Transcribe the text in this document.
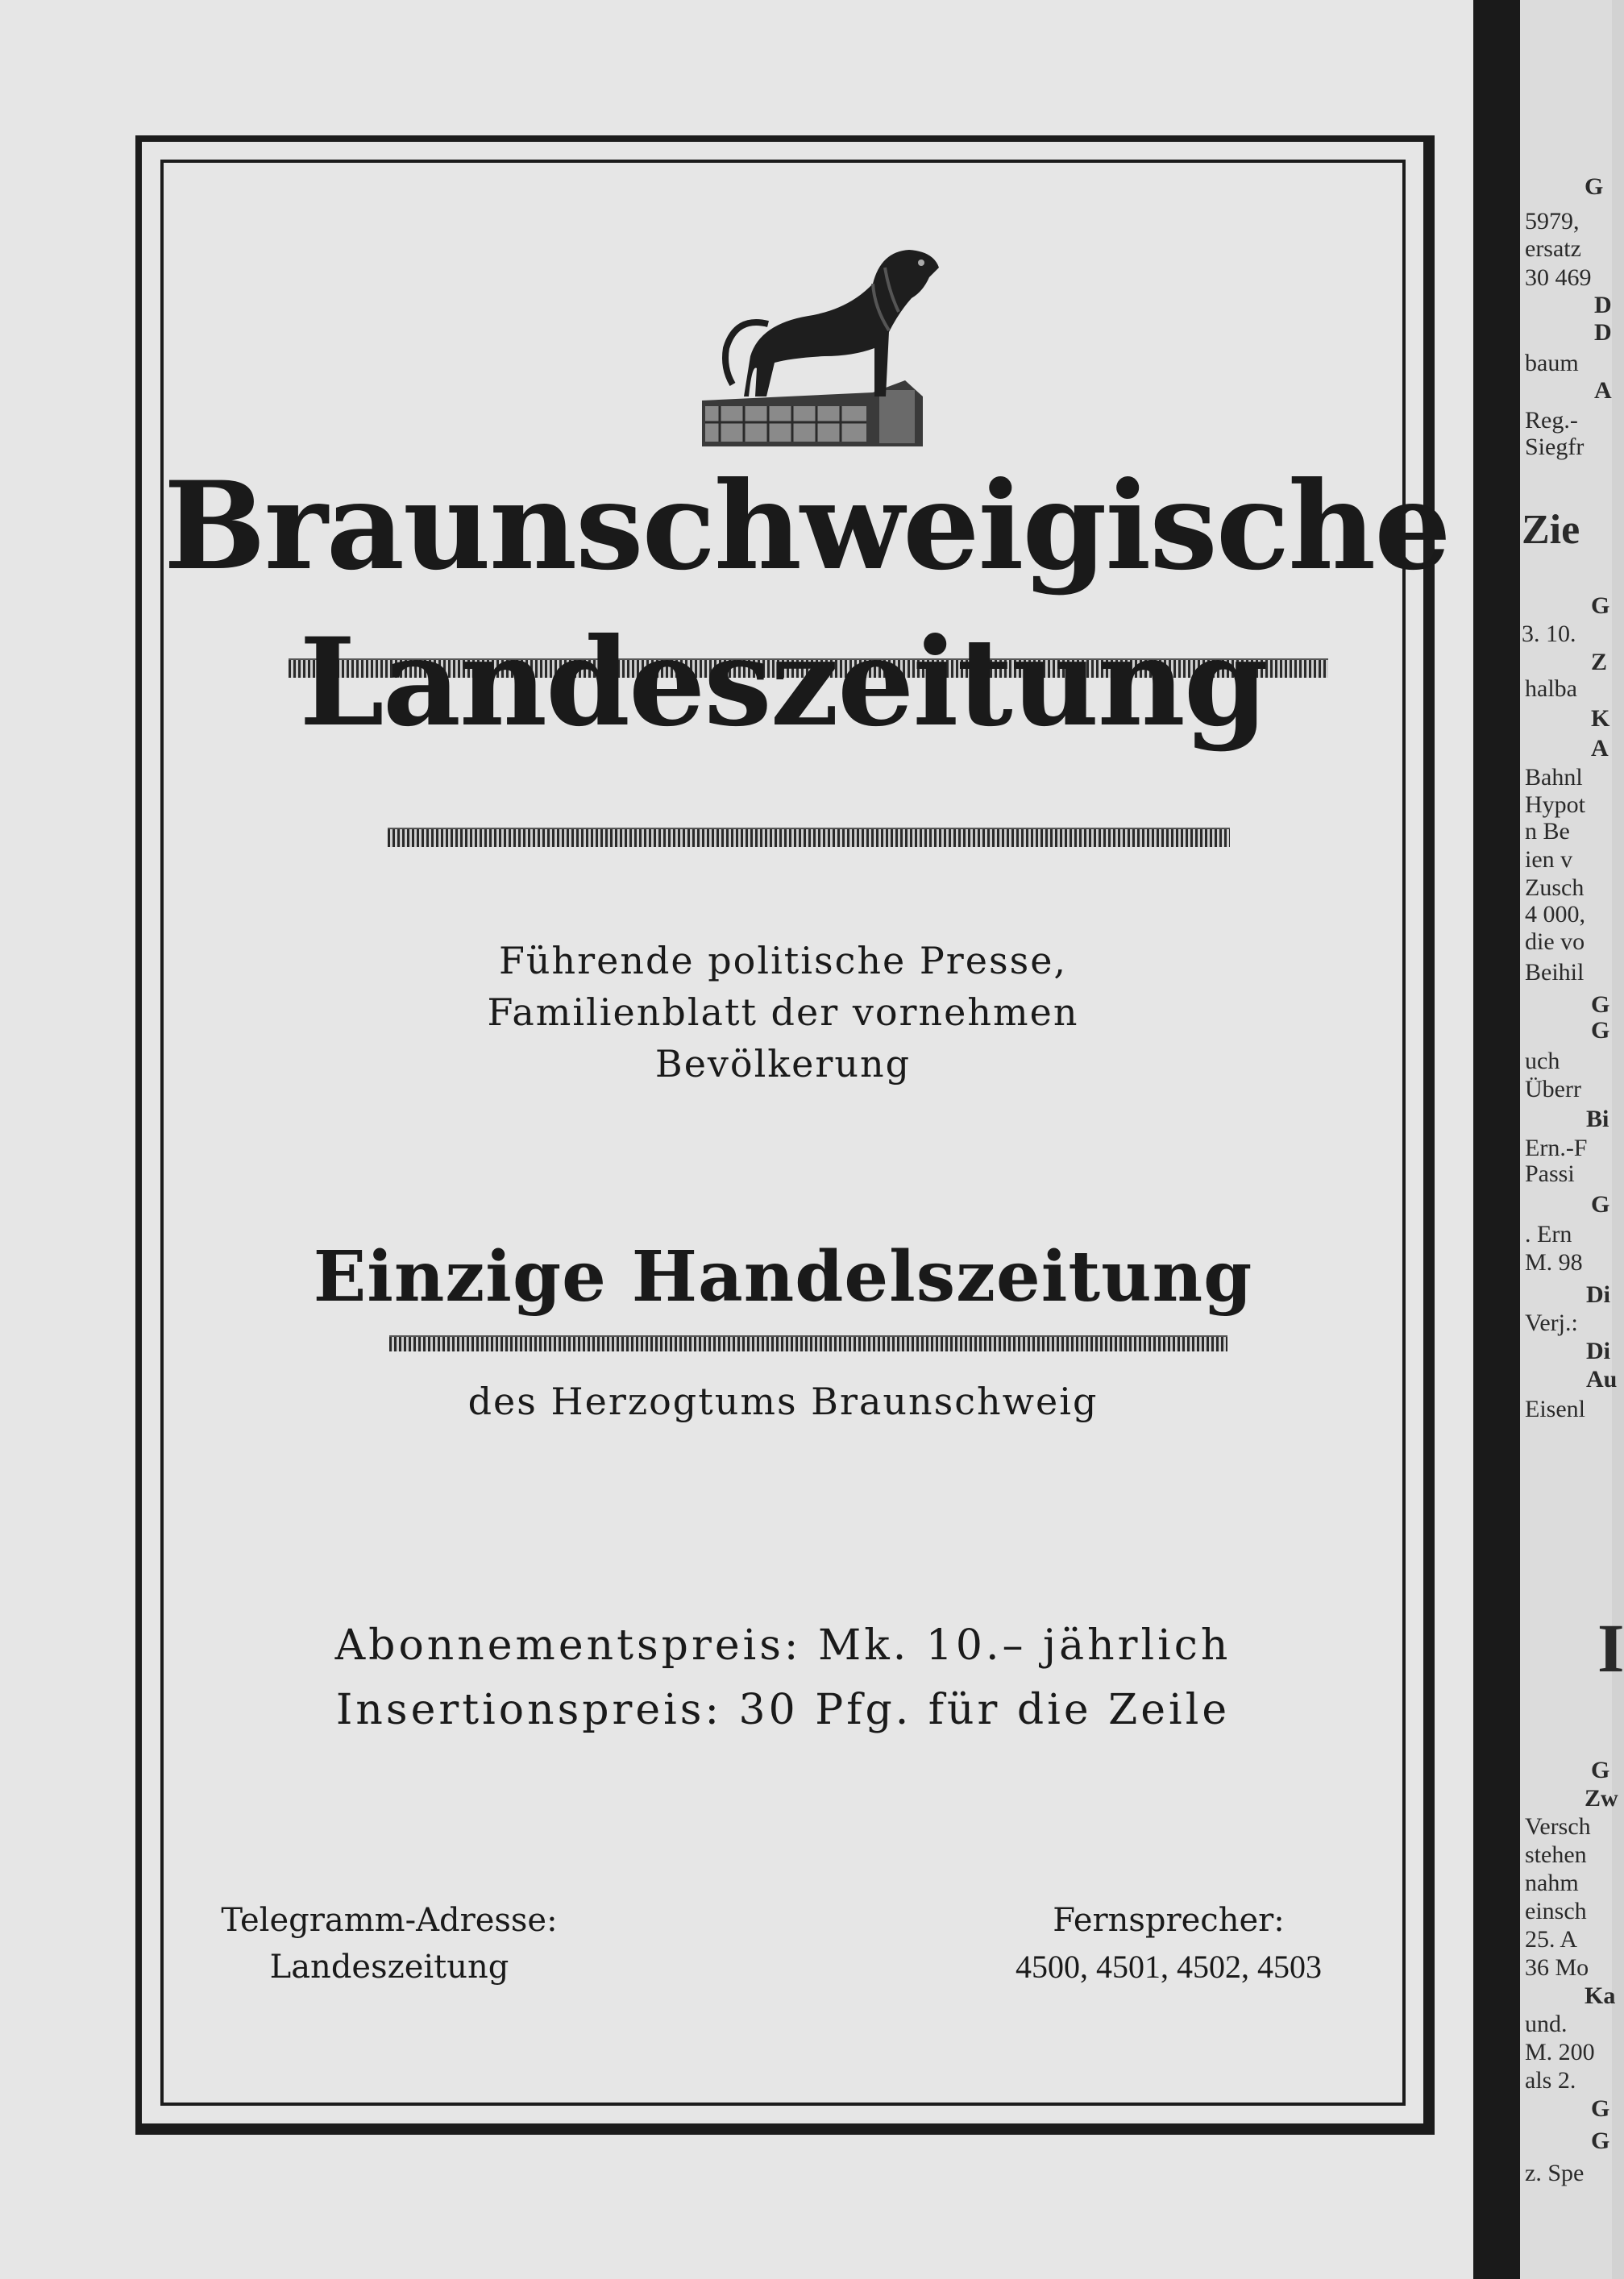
Braunschweigische
Landeszeitung
Führende politische Presse,
Familienblatt der vornehmen
Bevölkerung
Einzige Handelszeitung
des Herzogtums Braunschweig
Abonnementspreis: Mk. 10.– jährlich
Insertionspreis: 30 Pfg. für die Zeile
Telegramm-Adresse:
Landeszeitung
Fernsprecher:
4500, 4501, 4502, 4503
G
5979,
ersatz
30 469
D
D
baum
A
Reg.-
Siegfr
Zie
G
3. 10.
Z
halba
K
A
Bahnl
Hypot
n Be
ien v
Zusch
4 000,
die vo
Beihil
G
G
uch
Überr
Bi
Ern.-F
Passi
G
. Ern
M. 98
Di
Verj.:
Di
Au
Eisenl
I
G
Zw
Versch
stehen
nahm
einsch
25. A
36 Mo
Ka
und.
M. 200
als 2.
G
G
z. Spe
